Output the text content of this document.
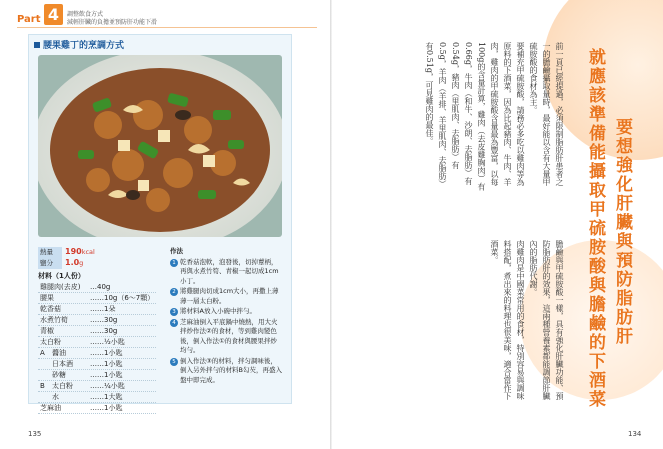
Part 4	調整飲食方式
減輕肝臟的負擔並預防肝功能下滑
腰果雞丁的烹調方式
熱量 190kcal
鹽分 1.0g
材料（1人份）
雞腿肉(去皮) …40g
腰果	……10g（6～7顆）
乾香菇	……1朵
水煮竹筍	……30g
青椒	……30g
太白粉	……½小匙
A 醬油	……1小匙
日本酒 ……1小匙
砂糖	……1小匙
B 太白粉 ……¼小匙
水	……1大匙
芝麻油	……1小匙
作法
1 乾香菇泡軟，泡發後，切掉蕈柄，再與水煮竹筍、青椒一起切成1cm小丁。
2 將雞腿肉切成1cm大小，再撒上薄薄一層太白粉。
3 將材料A放入小碗中拌勻。
4 芝麻油倒入平底鍋中燒熱，用大火拌炒作法②的食材，等到雞肉變色後，倒入作法①的食材與腰果拌炒均勻。
5 倒入作法③的材料，拌匀調味後，倒入另外拌勻的材料B勾芡，再盛入盤中即完成。
135
要想強化肝臟與預防脂肪肝
就應該準備能攝取甲硫胺酸與膽鹼的下酒菜
前一頁已經提過，必須限制脂肪肝患者之一的膽鹼攝取量時，最好能以含有大量甲硫胺酸的食材為主。
要補充甲硫胺酸，請務必多吃以雞肉等為原料的下酒菜，因為比起豬肉、牛肉、羊肉，雞肉的甲硫胺酸含量最為豐富，以每100g的含量計算，雞肉（去皮雞胸肉）有0.66g，牛肉（和牛、沙朗、去脂肪）有0.54g，豬肉（里肌肉、去脂肪）有0.5g，羊肉（羊排、羊里肌肉、去脂肪）有0.51g，可見雞肉的最佳。
膽鹼與甲硫胺酸一樣，具有強化肝臟功能、預防脂肪肝的效果，這兩種營養素都能調節肝臟內的脂肪代謝。
肉雞肉是中國菜常用的食材，特別容易與調味料搭配，煮出來的料理也很美味，適合當作下酒菜。
134
